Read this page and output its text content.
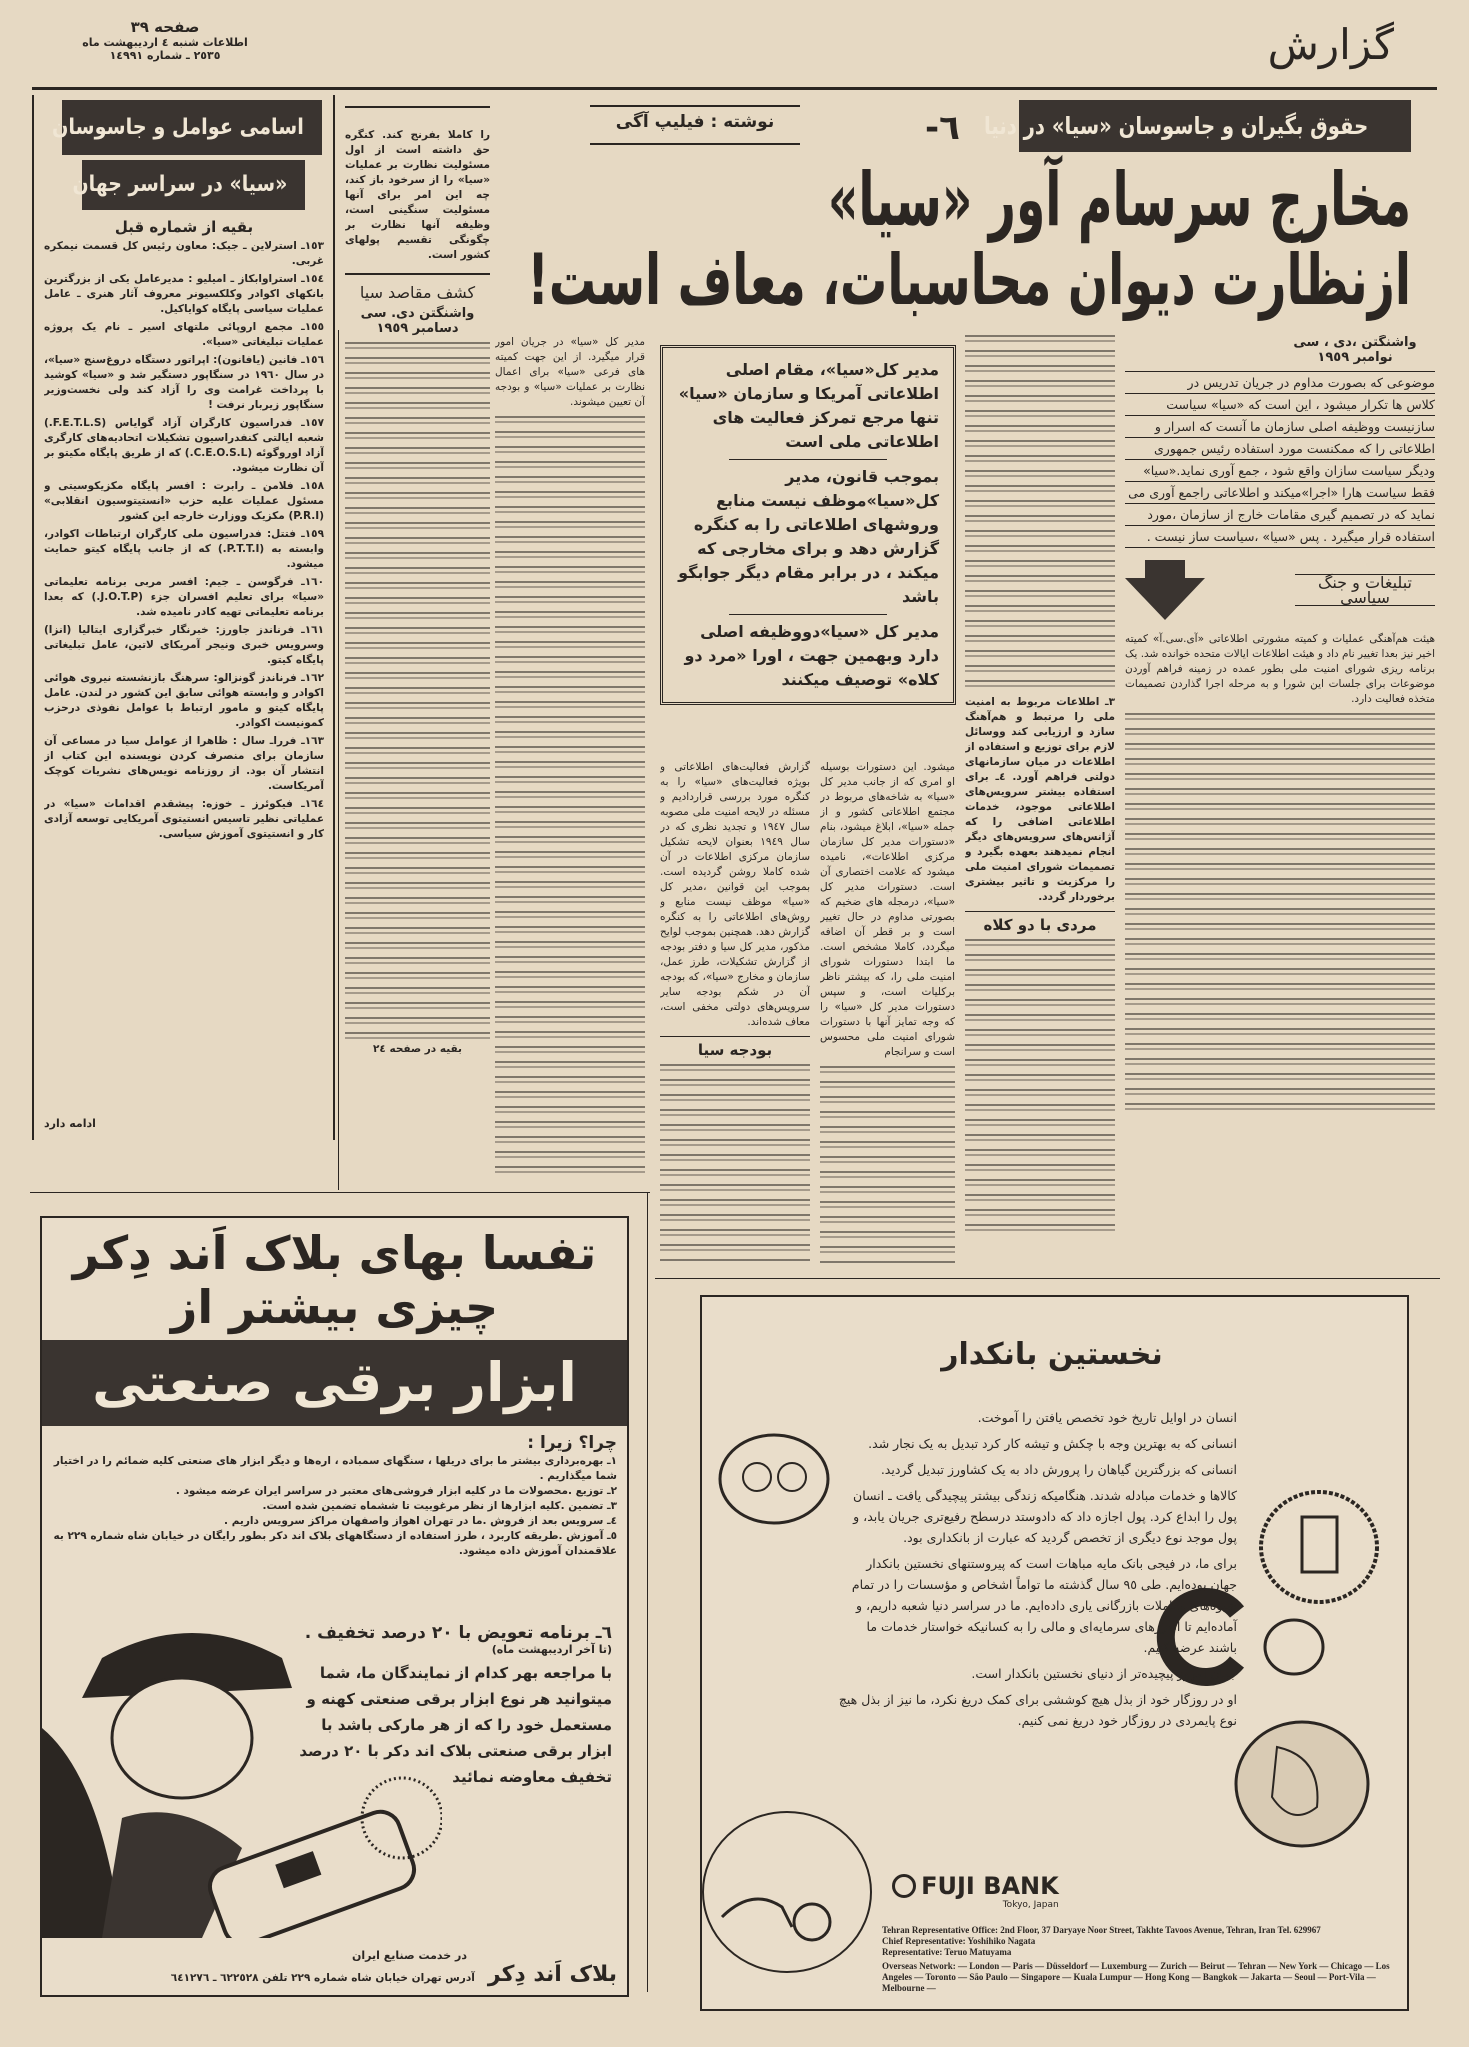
گزارش
صفحه ٣٩
اطلاعات شنبه ٤ اردیبهشت ماه
٢٥٣٥ ـ شماره ١٤٩٩١
حقوق بگیران و جاسوسان «سیا» در دنیا
-٦
نوشته : فیلیپ آگی
مخارج سرسام آور «سیا»
ازنظارت دیوان محاسبات، معاف است!
اسامی عوامل و جاسوسان
«سیا» در سراسر جهان
بقیه از شماره قبل

١٥٣ـ استرلاین ـ جیک: معاون رئیس کل قسمت نیمکره غربی.

١٥٤ـ استراوابکاز ـ امیلیو : مدیرعامل یکی از بزرگترین بانکهای اکوادر وکلکسیونر معروف آثار هنری ـ عامل عملیات سیاسی پایگاه کوایاکیل.

١٥٥ـ مجمع اروپائی ملتهای اسیر ـ نام یک پروژه عملیات تبلیغاتی «سیا».

١٥٦ـ فانین (یافانون): اپراتور دستگاه دروغ‌سنج «سیا»، در سال ١٩٦٠ در سنگاپور دستگیر شد و «سیا» کوشید با پرداخت غرامت وی را آزاد کند ولی نخست‌وزیر سنگاپور زیربار نرفت !

١٥٧ـ فدراسیون کارگران آزاد گوایاس (F.E.T.L.S.) شعبه ایالتی کنفدراسیون تشکیلات اتحادیه‌های کارگری آزاد اوروگوئه (C.E.O.S.L.) که از طریق پایگاه مکیتو بر آن نظارت میشود.

١٥٨ـ فلامن ـ رابرت : افسر پایگاه مکزیکوسیتی و مسئول عملیات علیه حزب «انستیتوسیون انقلابی» (P.R.I) مکزیک ووزارت خارجه این کشور

١٥٩ـ فتتل: فدراسیون ملی کارگران ارتباطات اکوادر، وابسته به (P.T.T.I.) که از جانب پایگاه کیتو حمایت میشود.

١٦٠ـ فرگوسن ـ جیم: افسر مربی برنامه تعلیماتی «سیا» برای تعلیم افسران جزء (J.O.T.P.) که بعدا برنامه تعلیماتی تهیه کادر نامیده شد.

١٦١ـ فرناندز جاورز: خبرنگار خبرگزاری ایتالیا (انزا) وسرویس خبری ونیجر آمریکای لاتین، عامل تبلیغاتی پایگاه کیتو.

١٦٢ـ فرناندز گونزالو: سرهنگ بازنشسته نیروی هوائی اکوادر و وابسته هوائی سابق این کشور در لندن. عامل پایگاه کیتو و مامور ارتباط با عوامل نفوذی درحزب کمونیست اکوادر.

١٦٣ـ فرراـ سال : ظاهرا از عوامل سیا در مساعی آن سازمان برای منصرف کردن نویسنده این کتاب از انتشار آن بود. از روزنامه نویس‌های نشریات کوچک آمریکاست.

١٦٤ـ فیکوئرز ـ خوزه: پیشقدم اقدامات «سیا» در عملیاتی نظیر تاسیس انستیتوی آمریکایی توسعه آزادی کار و انستیتوی آموزش سیاسی.

ادامه دارد

را کاملا بفرنج کند. کنگره حق داشته است از اول مسئولیت نظارت بر عملیات «سیا» را از سرخود باز کند، چه این امر برای آنها مسئولیت سنگینی است، وظیفه آنها نظارت بر چگونگی تقسیم پولهای کشور است.

کشف مقاصد سیا
واشنگتن دی. سی دسامبر ١٩٥٩
بقیه در صفحه ٢٤

مدیر کل «سیا» در جریان امور قرار میگیرد. از این جهت کمیته های فرعی «سیا» برای اعمال نظارت بر عملیات «سیا» و بودجه آن تعیین میشوند.

مدیر کل«سیا»، مقام اصلی اطلاعاتی آمریکا و سازمان «سیا» تنها مرجع تمرکز فعالیت های اطلاعاتی ملی است
بموجب قانون، مدیر کل«سیا»موظف نیست منابع وروشهای اطلاعاتی را به کنگره گزارش دهد و برای مخارجی که میکند ، در برابر مقام دیگر جوابگو باشد
مدیر کل «سیا»دووظیفه اصلی دارد وبهمین جهت ، اورا «مرد دو کلاه» توصیف میکنند

گزارش فعالیت‌های اطلاعاتی و بویژه فعالیت‌های «سیا» را به کنگره مورد بررسی قرارداديم و مسئله در لایحه امنیت ملی مصوبه سال ١٩٤٧ و تجدید نظری که در سال ١٩٤٩ بعنوان لایحه تشکیل سازمان مرکزی اطلاعات در آن شده کاملا روشن گردیده است. بموجب این قوانین ،مدیر کل «سیا» موظف نیست منابع و روش‌های اطلاعاتی را به کنگره گزارش دهد. همچنین بموجب لوایح مذکور، مدیر کل سیا و دفتر بودجه از گزارش تشکیلات، طرز عمل، سازمان و مخارج «سیا»، که بودجه آن در شکم بودجه سایر سرویس‌های دولتی مخفی است، معاف شده‌اند.

بودجه سیا

میشود. این دستورات بوسیله او امری که از جانب مدیر کل «سیا» به شاخه‌های مربوط در مجتمع اطلاعاتی کشور و از جمله «سیا»، ابلاغ میشود، بنام «دستورات مدیر کل سازمان مرکزی اطلاعات»، نامیده میشود که علامت اختصاری آن است. دستورات مدیر کل «سیا»، درمجله های ضخیم که بصورتی مداوم در حال تغییر است و بر قطر آن اضافه میگردد، کاملا مشخص است. ما ابتدا دستورات شورای امنیت ملی را، که بیشتر ناظر برکلیات است، و سپس دستورات مدیر کل «سیا» را که وجه تمایز آنها با دستورات شورای امنیت ملی محسوس است و سرانجام

۳ـ اطلاعات مربوط به امنیت ملی را مرتبط و هم‌آهنگ سازد و ارزیابی کند ووسائل لازم برای توزیع و استفاده از اطلاعات در میان سازمانهای دولتی فراهم آورد. ٤ـ برای استفاده بیشتر سرویس‌های اطلاعاتی موجود، خدمات اطلاعاتی اضافی را که آژانس‌های سرویس‌های دیگر انجام نمیدهند بعهده بگیرد و تصمیمات شورای امنیت ملی را مرکزیت و تاثیر بیشتری برخوردار گردد.

مردی با دو کلاه
واشنگتن ،دی ، سی نوامبر ١٩٥٩
موضوعی که بصورت مداوم در جریان تدریس در
کلاس ها تکرار میشود ، این است که «سیا» سیاست
سازنیست ووظیفه اصلی سازمان ما آنست که اسرار و
اطلاعاتی را که ممکنست مورد استفاده رئیس جمهوری
ودیگر سیاست سازان واقع شود ، جمع آوری نماید.«سیا»
فقط سیاست هارا «اجرا»میکند و اطلاعاتی راجمع آوری می
نماید که در تصمیم گیری مقامات خارج از سازمان ،مورد
استفاده قرار میگیرد . پس «سیا» ،سیاست ساز نیست .
تبلیغات و جنگ سیاسی

هیئت هم‌آهنگی عملیات و کمیته مشورتی اطلاعاتی «آی.سی.آ» کمیته اخیر نیز بعدا تغییر نام داد و هیئت اطلاعات ایالات متحده خوانده شد. یک برنامه ریزی شورای امنیت ملی بطور عمده در زمینه فراهم آوردن موضوعات برای جلسات این شورا و به مرحله اجرا گذاردن تصمیمات متخذه فعالیت دارد.

تفسا بهای بلاک اَند دِکر
چیزی بیشتر از
ابزار برقی صنعتی
چرا؟ زیرا :
١ـ بهره‌برداری بیشتر ما برای دریلها ، سنگهای سمباده ، اره‌ها و دیگر ابزار های صنعتی کلیه ضمائم را در اختیار شما میگذاریم .
٢ـ توزیع .محصولات ما در کلیه ابزار فروشی‌های معتبر در سراسر ایران عرضه میشود .
٣ـ تضمین .کلیه ابزارها از نظر مرغوبیت تا ششماه تضمین شده است.
٤ـ سرویس بعد از فروش .ما در تهران اهواز واصفهان مراکز سرویس داریم .
٥ـ آموزش .طریقه کاربرد ، طرز استفاده از دستگاههای بلاک اند دکر بطور رایگان در خیابان شاه شماره ٢٢٩ به علاقمندان آموزش داده میشود.
٦ـ برنامه تعویض با ٢٠ درصد تخفیف .
(تا آخر اردیبهشت ماه)
با مراجعه بهر کدام از نمایندگان ما، شما میتوانید هر نوع ابزار برقی صنعتی کهنه و مستعمل خود را که از هر مارکی باشد با ابزار برقی صنعتی بلاک اند دکر با ٢٠ درصد تخفیف معاوضه نمائید
در خدمت صنایع ایران
بلاک اَند دِکر آدرس تهران خیابان شاه شماره ٢٢٩ تلفن ٦٢٢٥٢٨ ـ ٦٤١٢٧٦
نخستین بانکدار
انسان در اوایل تاریخ خود تخصص یافتن را آموخت.
انسانی که به بهترین وجه با چکش و تیشه کار کرد تبدیل به یک نجار شد.
انسانی که بزرگترین گیاهان را پرورش داد به یک کشاورز تبدیل گردید.
کالاها و خدمات مبادله شدند. هنگامیکه زندگی بیشتر پیچیدگی یافت ـ انسان پول را ابداع کرد. پول اجازه داد که دادوستد درسطح رفیع‌تری جریان یابد، و پول موجد نوع دیگری از تخصص گردید که عبارت از بانکداری بود.
برای ما، در فیجی بانک مایه مباهات است که پیروستنهای نخستین بانکدار جهان بوده‌ایم. طی ٩٥ سال گذشته ما تواماً اشخاص و مؤسسات را در تمام شیوه‌های معاملات بازرگانی یاری داده‌ایم. ما در سراسر دنیا شعبه داریم، و آماده‌ایم تا اندرزهای سرمایه‌ای و مالی را به کسانیکه خواستار خدمات ما باشند عرضه کنیم.
جهان امروز پیچیده‌تر از دنیای نخستین بانکدار است.
او در روزگار خود از بذل هیچ کوششی برای کمک دریغ نکرد، ما نیز از بذل هیچ نوع پایمردی در روزگار خود دریغ نمی کنیم.
FUJI BANK
Tokyo, Japan
Tehran Representative Office: 2nd Floor, 37 Daryaye Noor Street, Takhte Tavoos Avenue, Tehran, Iran Tel. 629967
Chief Representative: Yoshihiko Nagata
Representative: Teruo Matuyama
Overseas Network: — London — Paris — Düsseldorf — Luxemburg — Zurich — Beirut — Tehran — New York — Chicago — Los Angeles — Toronto — São Paulo — Singapore — Kuala Lumpur — Hong Kong — Bangkok — Jakarta — Seoul — Port-Vila — Melbourne —
